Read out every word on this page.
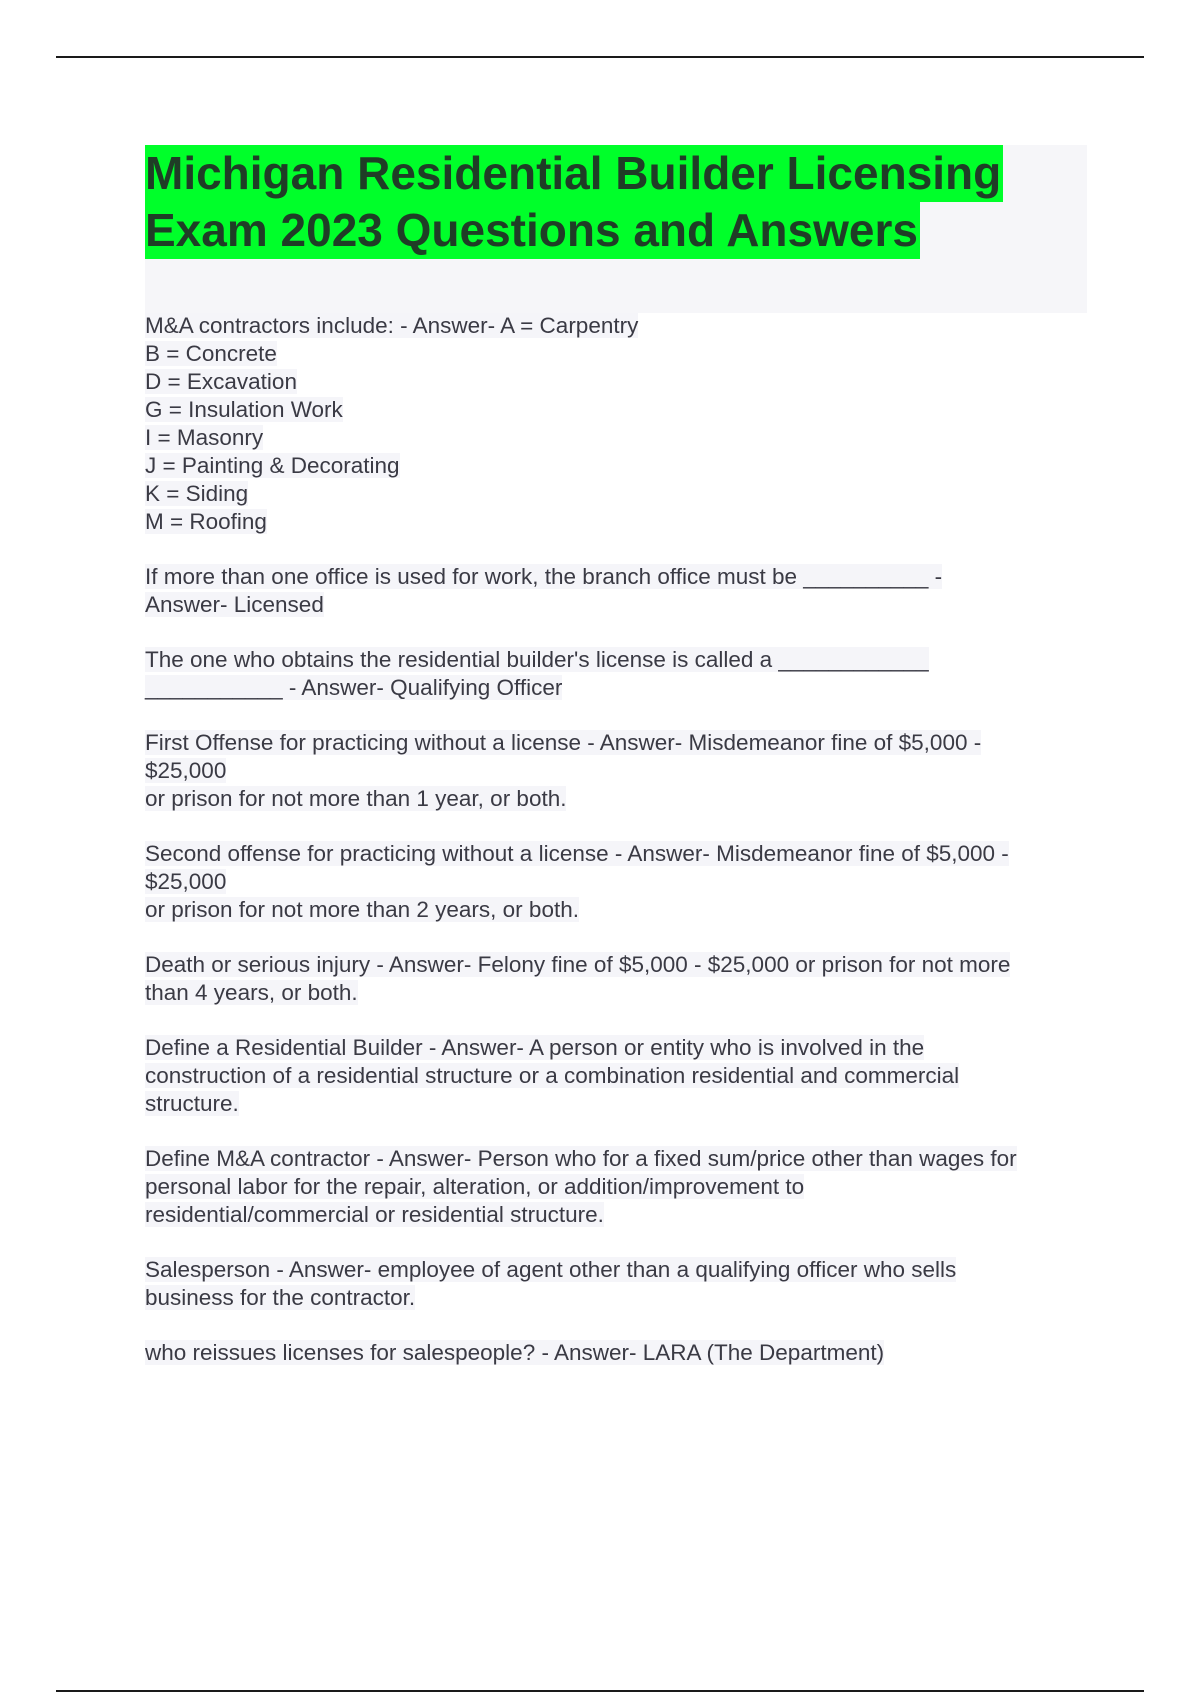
Michigan Residential Builder Licensing
Exam 2023 Questions and Answers
M&A contractors include: - Answer- A = Carpentry
B = Concrete
D = Excavation
G = Insulation Work
I = Masonry
J = Painting & Decorating
K = Siding
M = Roofing
If more than one office is used for work, the branch office must be __________ -
Answer- Licensed
The one who obtains the residential builder's license is called a ____________
___________ - Answer- Qualifying Officer
First Offense for practicing without a license - Answer- Misdemeanor fine of $5,000 -
$25,000
or prison for not more than 1 year, or both.
Second offense for practicing without a license - Answer- Misdemeanor fine of $5,000 -
$25,000
or prison for not more than 2 years, or both.
Death or serious injury - Answer- Felony fine of $5,000 - $25,000 or prison for not more
than 4 years, or both.
Define a Residential Builder - Answer- A person or entity who is involved in the
construction of a residential structure or a combination residential and commercial
structure.
Define M&A contractor - Answer- Person who for a fixed sum/price other than wages for
personal labor for the repair, alteration, or addition/improvement to
residential/commercial or residential structure.
Salesperson - Answer- employee of agent other than a qualifying officer who sells
business for the contractor.
who reissues licenses for salespeople? - Answer- LARA (The Department)
